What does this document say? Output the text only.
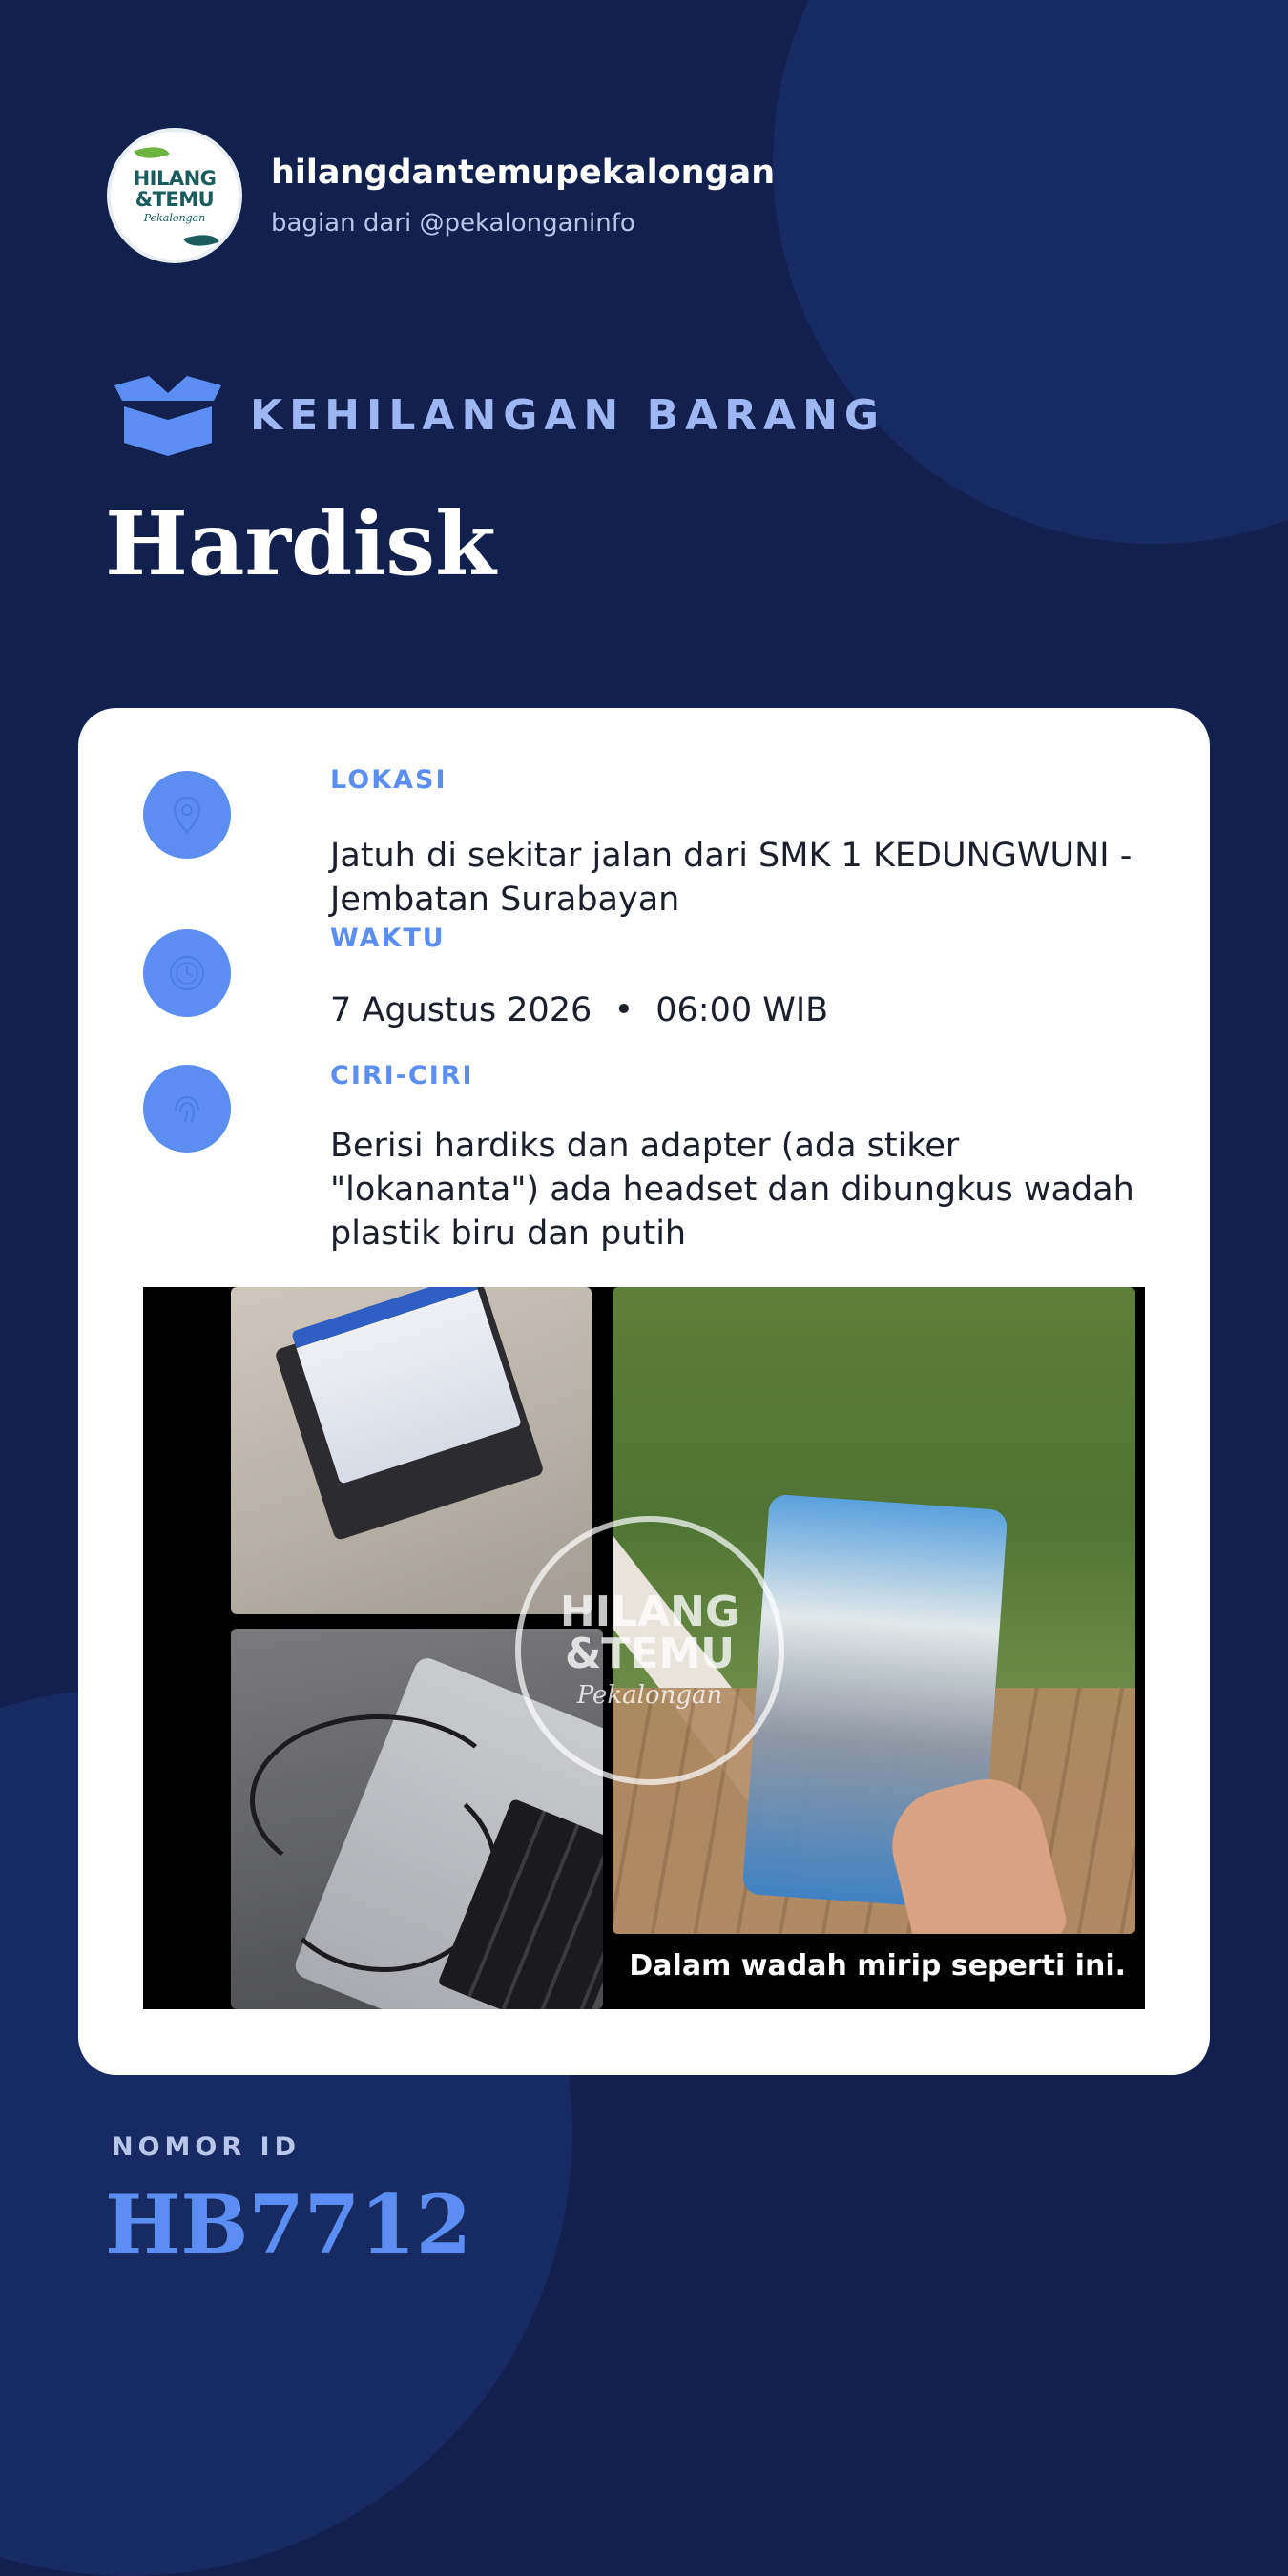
HILANG
&TEMU
Pekalongan
hilangdantemupekalongan
bagian dari @pekalonganinfo
KEHILANGAN BARANG
Hardisk
LOKASI
Jatuh di sekitar jalan dari SMK 1 KEDUNGWUNI - Jembatan Surabayan
WAKTU
7 Agustus 2026 • 06:00 WIB
CIRI-CIRI
Berisi hardiks dan adapter (ada stiker "lokananta") ada headset dan dibungkus wadah plastik biru dan putih
HILANG
&TEMU
Pekalongan
Dalam wadah mirip seperti ini.
NOMOR ID
HB7712
